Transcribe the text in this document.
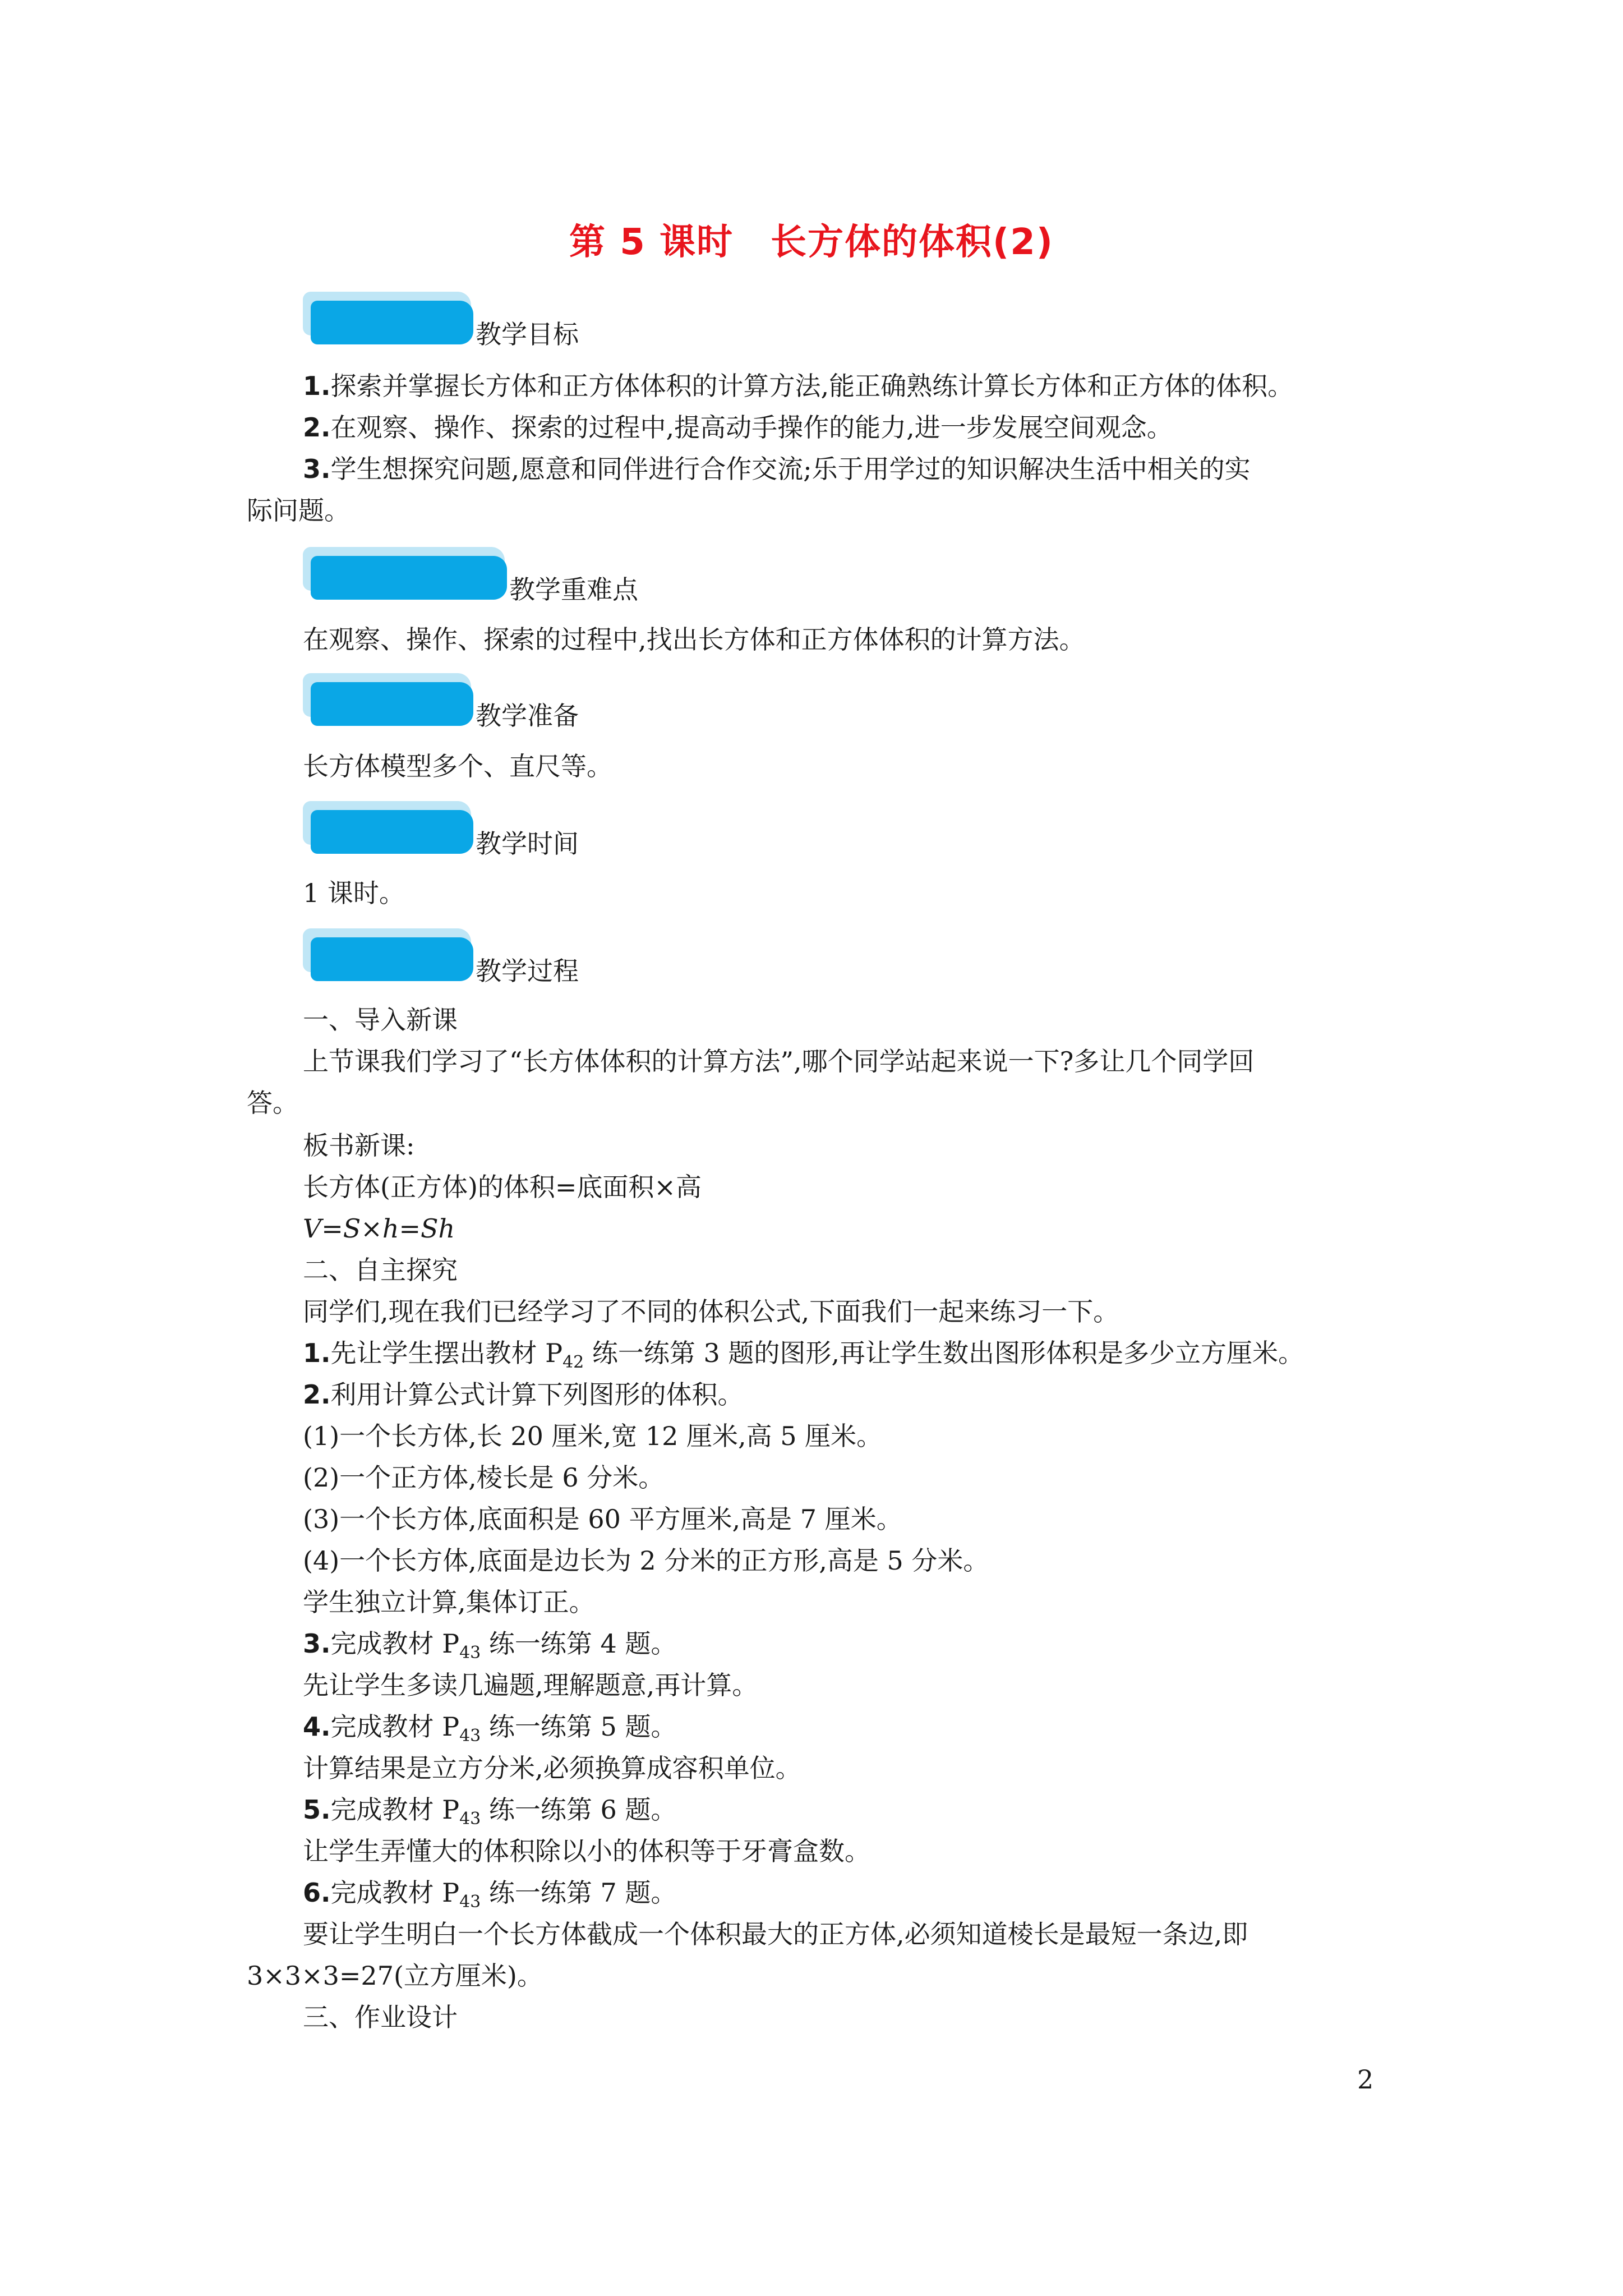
第 5 课时　长方体的体积(2)
教学目标
1.探索并掌握长方体和正方体体积的计算方法,能正确熟练计算长方体和正方体的体积。
2.在观察、操作、探索的过程中,提高动手操作的能力,进一步发展空间观念。
3.学生想探究问题,愿意和同伴进行合作交流;乐于用学过的知识解决生活中相关的实
际问题。
教学重难点
在观察、操作、探索的过程中,找出长方体和正方体体积的计算方法。
教学准备
长方体模型多个、直尺等。
教学时间
1 课时。
教学过程
一、导入新课
上节课我们学习了“长方体体积的计算方法”,哪个同学站起来说一下?多让几个同学回
答。
板书新课:
长方体(正方体)的体积=底面积×高
V=S×h=Sh
二、自主探究
同学们,现在我们已经学习了不同的体积公式,下面我们一起来练习一下。
1.先让学生摆出教材 $P_{42}$ 练一练第 3 题的图形,再让学生数出图形体积是多少立方厘米。
2.利用计算公式计算下列图形的体积。
(1)一个长方体,长 20 厘米,宽 12 厘米,高 5 厘米。
(2)一个正方体,棱长是 6 分米。
(3)一个长方体,底面积是 60 平方厘米,高是 7 厘米。
(4)一个长方体,底面是边长为 2 分米的正方形,高是 5 分米。
学生独立计算,集体订正。
3.完成教材 $P_{43}$ 练一练第 4 题。
先让学生多读几遍题,理解题意,再计算。
4.完成教材 $P_{43}$ 练一练第 5 题。
计算结果是立方分米,必须换算成容积单位。
5.完成教材 $P_{43}$ 练一练第 6 题。
让学生弄懂大的体积除以小的体积等于牙膏盒数。
6.完成教材 $P_{43}$ 练一练第 7 题。
要让学生明白一个长方体截成一个体积最大的正方体,必须知道棱长是最短一条边,即
3×3×3=27(立方厘米)。
三、作业设计
2
